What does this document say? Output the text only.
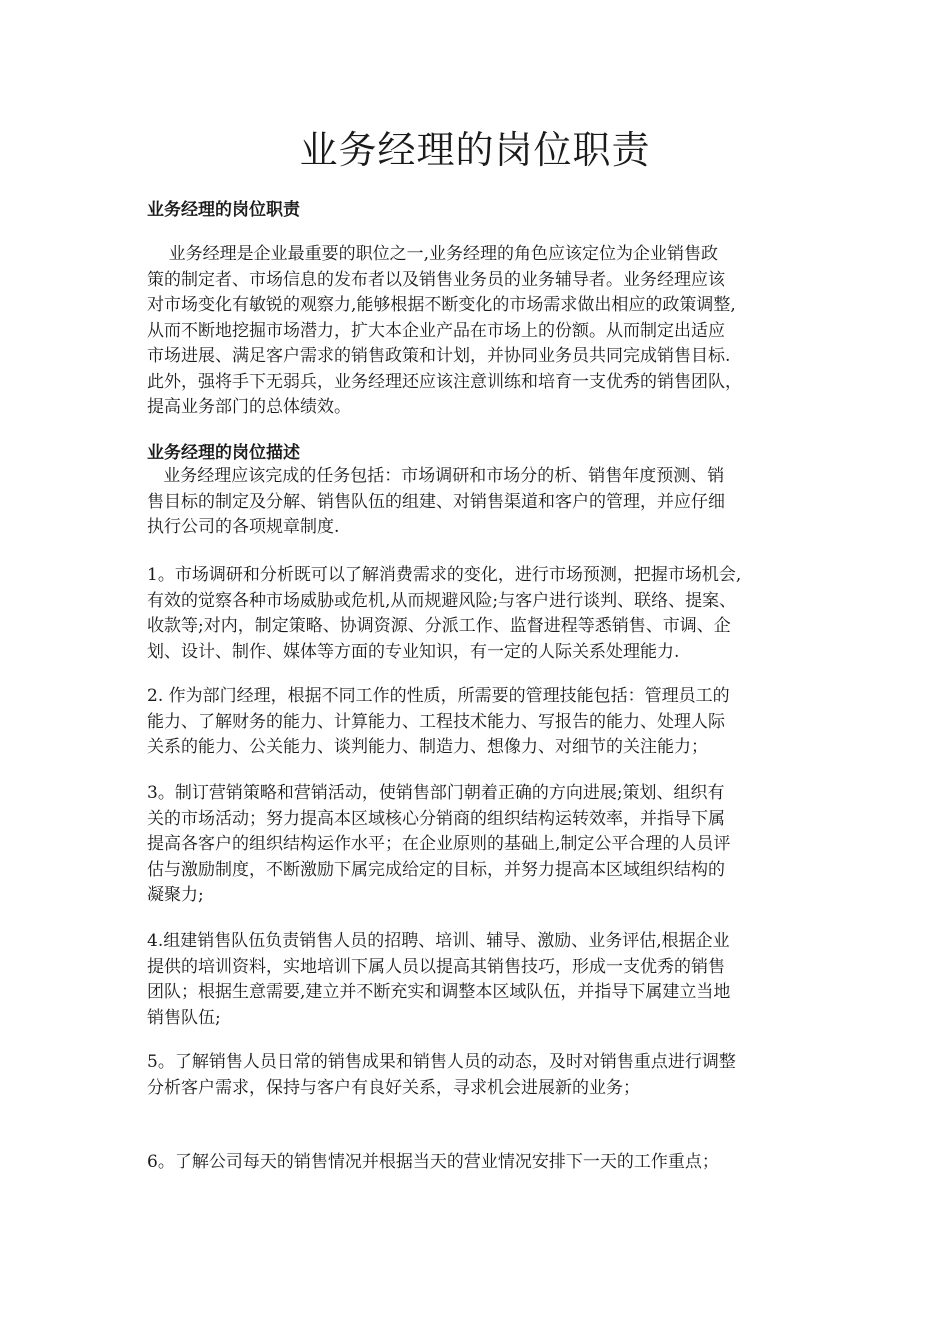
业务经理的岗位职责
业务经理的岗位职责
业务经理是企业最重要的职位之一,业务经理的角色应该定位为企业销售政
策的制定者、市场信息的发布者以及销售业务员的业务辅导者。业务经理应该
对市场变化有敏锐的观察力,能够根据不断变化的市场需求做出相应的政策调整,
从而不断地挖掘市场潜力，扩大本企业产品在市场上的份额。从而制定出适应
市场进展、满足客户需求的销售政策和计划，并协同业务员共同完成销售目标.
此外，强将手下无弱兵，业务经理还应该注意训练和培育一支优秀的销售团队，
提高业务部门的总体绩效。
业务经理的岗位描述
业务经理应该完成的任务包括：市场调研和市场分的析、销售年度预测、销
售目标的制定及分解、销售队伍的组建、对销售渠道和客户的管理，并应仔细
执行公司的各项规章制度.
1。市场调研和分析既可以了解消费需求的变化，进行市场预测，把握市场机会,
有效的觉察各种市场威胁或危机,从而规避风险;与客户进行谈判、联络、提案、
收款等;对内，制定策略、协调资源、分派工作、监督进程等悉销售、市调、企
划、设计、制作、媒体等方面的专业知识，有一定的人际关系处理能力.
2. 作为部门经理，根据不同工作的性质，所需要的管理技能包括：管理员工的
能力、了解财务的能力、计算能力、工程技术能力、写报告的能力、处理人际
关系的能力、公关能力、谈判能力、制造力、想像力、对细节的关注能力；
3。制订营销策略和营销活动，使销售部门朝着正确的方向进展;策划、组织有
关的市场活动；努力提高本区域核心分销商的组织结构运转效率，并指导下属
提高各客户的组织结构运作水平；在企业原则的基础上,制定公平合理的人员评
估与激励制度，不断激励下属完成给定的目标，并努力提高本区域组织结构的
凝聚力;
4.组建销售队伍负责销售人员的招聘、培训、辅导、激励、业务评估,根据企业
提供的培训资料，实地培训下属人员以提高其销售技巧，形成一支优秀的销售
团队；根据生意需要,建立并不断充实和调整本区域队伍，并指导下属建立当地
销售队伍;
5。了解销售人员日常的销售成果和销售人员的动态，及时对销售重点进行调整
分析客户需求，保持与客户有良好关系，寻求机会进展新的业务；
6。了解公司每天的销售情况并根据当天的营业情况安排下一天的工作重点；
